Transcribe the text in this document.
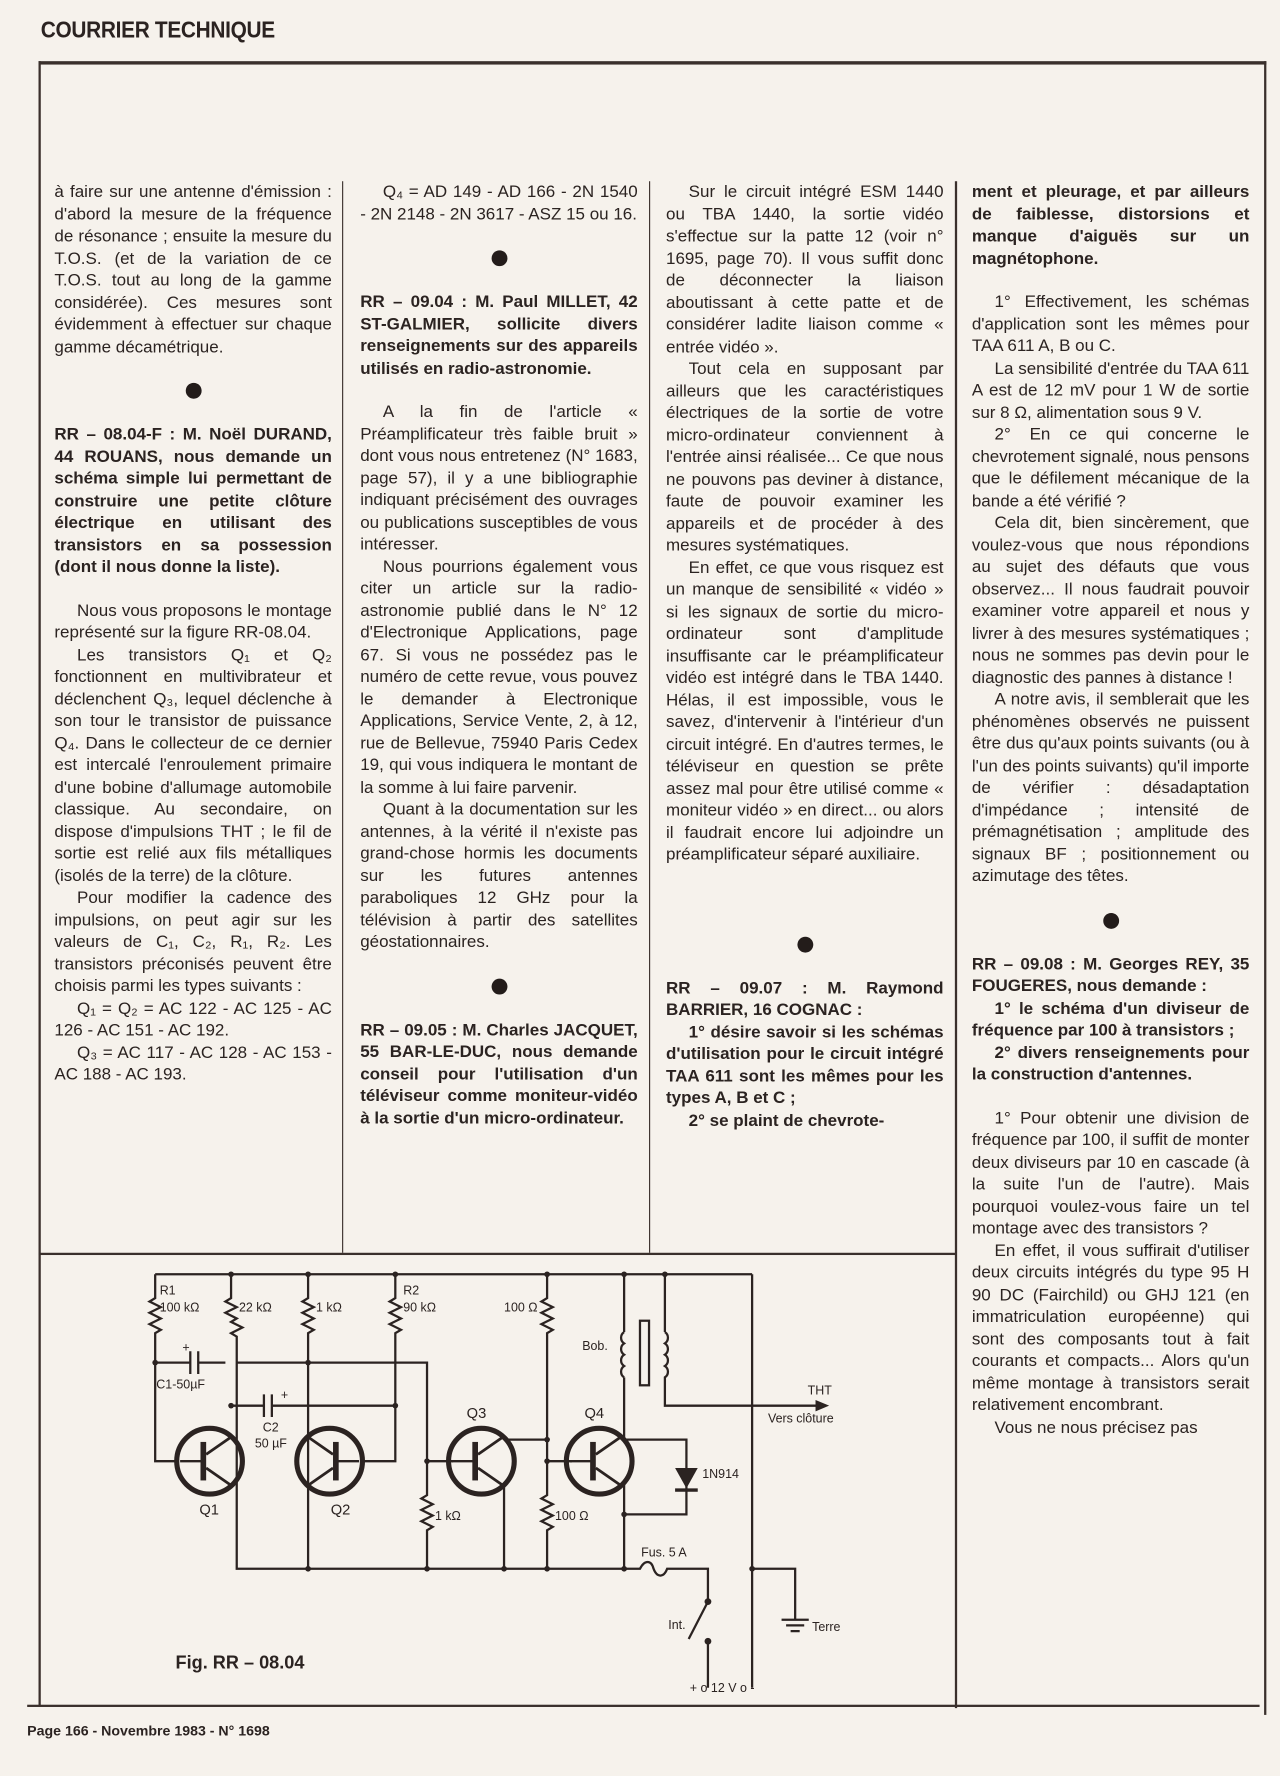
COURRIER TECHNIQUE

à faire sur une antenne d'émission : d'abord la mesure de la fréquence de résonance ; ensuite la mesure du T.O.S. (et de la variation de ce T.O.S. tout au long de la gamme considérée). Ces mesures sont évidemment à effectuer sur chaque gamme décamétrique.

RR – 08.04-F : M. Noël DURAND, 44 ROUANS, nous demande un schéma simple lui permettant de construire une petite clôture électrique en utilisant des transistors en sa possession (dont il nous donne la liste).

Nous vous proposons le montage représenté sur la figure RR-08.04.

Les transistors Q₁ et Q₂ fonctionnent en multivibrateur et déclenchent Q₃, lequel déclenche à son tour le transistor de puissance Q₄. Dans le collecteur de ce dernier est intercalé l'enroulement primaire d'une bobine d'allumage automobile classique. Au secondaire, on dispose d'impulsions THT ; le fil de sortie est relié aux fils métalliques (isolés de la terre) de la clôture.

Pour modifier la cadence des impulsions, on peut agir sur les valeurs de C₁, C₂, R₁, R₂. Les transistors préconisés peuvent être choisis parmi les types suivants :

Q₁ = Q₂ = AC 122 - AC 125 - AC 126 - AC 151 - AC 192.

Q₃ = AC 117 - AC 128 - AC 153 - AC 188 - AC 193.

Q₄ = AD 149 - AD 166 - 2N 1540 - 2N 2148 - 2N 3617 - ASZ 15 ou 16.

RR – 09.04 : M. Paul MILLET, 42 ST-GALMIER, sollicite divers renseignements sur des appareils utilisés en radio-astronomie.

A la fin de l'article « Préamplificateur très faible bruit » dont vous nous entretenez (N° 1683, page 57), il y a une bibliographie indiquant précisément des ouvrages ou publications susceptibles de vous intéresser.

Nous pourrions également vous citer un article sur la radio-astronomie publié dans le N° 12 d'Electronique Applications, page 67. Si vous ne possédez pas le numéro de cette revue, vous pouvez le demander à Electronique Applications, Service Vente, 2, à 12, rue de Bellevue, 75940 Paris Cedex 19, qui vous indiquera le montant de la somme à lui faire parvenir.

Quant à la documentation sur les antennes, à la vérité il n'existe pas grand-chose hormis les documents sur les futures antennes paraboliques 12 GHz pour la télévision à partir des satellites géostationnaires.

RR – 09.05 : M. Charles JACQUET, 55 BAR-LE-DUC, nous demande conseil pour l'utilisation d'un téléviseur comme moniteur-vidéo à la sortie d'un micro-ordinateur.

Sur le circuit intégré ESM 1440 ou TBA 1440, la sortie vidéo s'effectue sur la patte 12 (voir n° 1695, page 70). Il vous suffit donc de déconnecter la liaison aboutissant à cette patte et de considérer ladite liaison comme « entrée vidéo ».

Tout cela en supposant par ailleurs que les caractéristiques électriques de la sortie de votre micro-ordinateur conviennent à l'entrée ainsi réalisée... Ce que nous ne pouvons pas deviner à distance, faute de pouvoir examiner les appareils et de procéder à des mesures systématiques.

En effet, ce que vous risquez est un manque de sensibilité « vidéo » si les signaux de sortie du micro-ordinateur sont d'amplitude insuffisante car le préamplificateur vidéo est intégré dans le TBA 1440. Hélas, il est impossible, vous le savez, d'intervenir à l'intérieur d'un circuit intégré. En d'autres termes, le téléviseur en question se prête assez mal pour être utilisé comme « moniteur vidéo » en direct... ou alors il faudrait encore lui adjoindre un préamplificateur séparé auxiliaire.

RR – 09.07 : M. Raymond BARRIER, 16 COGNAC :

1° désire savoir si les schémas d'utilisation pour le circuit intégré TAA 611 sont les mêmes pour les types A, B et C ;

2° se plaint de chevrote-

ment et pleurage, et par ailleurs de faiblesse, distorsions et manque d'aiguës sur un magnétophone.

1° Effectivement, les schémas d'application sont les mêmes pour TAA 611 A, B ou C.

La sensibilité d'entrée du TAA 611 A est de 12 mV pour 1 W de sortie sur 8 Ω, alimentation sous 9 V.

2° En ce qui concerne le chevrotement signalé, nous pensons que le défilement mécanique de la bande a été vérifié ?

Cela dit, bien sincèrement, que voulez-vous que nous répondions au sujet des défauts que vous observez... Il nous faudrait pouvoir examiner votre appareil et nous y livrer à des mesures systématiques ; nous ne sommes pas devin pour le diagnostic des pannes à distance !

A notre avis, il semblerait que les phénomènes observés ne puissent être dus qu'aux points suivants (ou à l'un des points suivants) qu'il importe de vérifier : désadaptation d'impédance ; intensité de prémagnétisation ; amplitude des signaux BF ; positionnement ou azimutage des têtes.

RR – 09.08 : M. Georges REY, 35 FOUGERES, nous demande :

1° le schéma d'un diviseur de fréquence par 100 à transistors ;

2° divers renseignements pour la construction d'antennes.

1° Pour obtenir une division de fréquence par 100, il suffit de monter deux diviseurs par 10 en cascade (à la suite l'un de l'autre). Mais pourquoi voulez-vous faire un tel montage avec des transistors ?

En effet, il vous suffirait d'utiliser deux circuits intégrés du type 95 H 90 DC (Fairchild) ou GHJ 121 (en immatriculation européenne) qui sont des composants tout à fait courants et compacts... Alors qu'un même montage à transistors serait relativement encombrant.

Vous ne nous précisez pas

R1
100 kΩ	22 kΩ	1 kΩ
R2
90 kΩ	100 Ω
+
C1-50µF
+
C2
50 µF
Q1	Q2
Q3	Q4
1 kΩ	100 Ω
Bob.
THT
Vers clôture
1N914
Fus. 5 A
Int.	Terre
+ o 12 V o -
Fig. RR – 08.04
Page 166 - Novembre 1983 - N° 1698
